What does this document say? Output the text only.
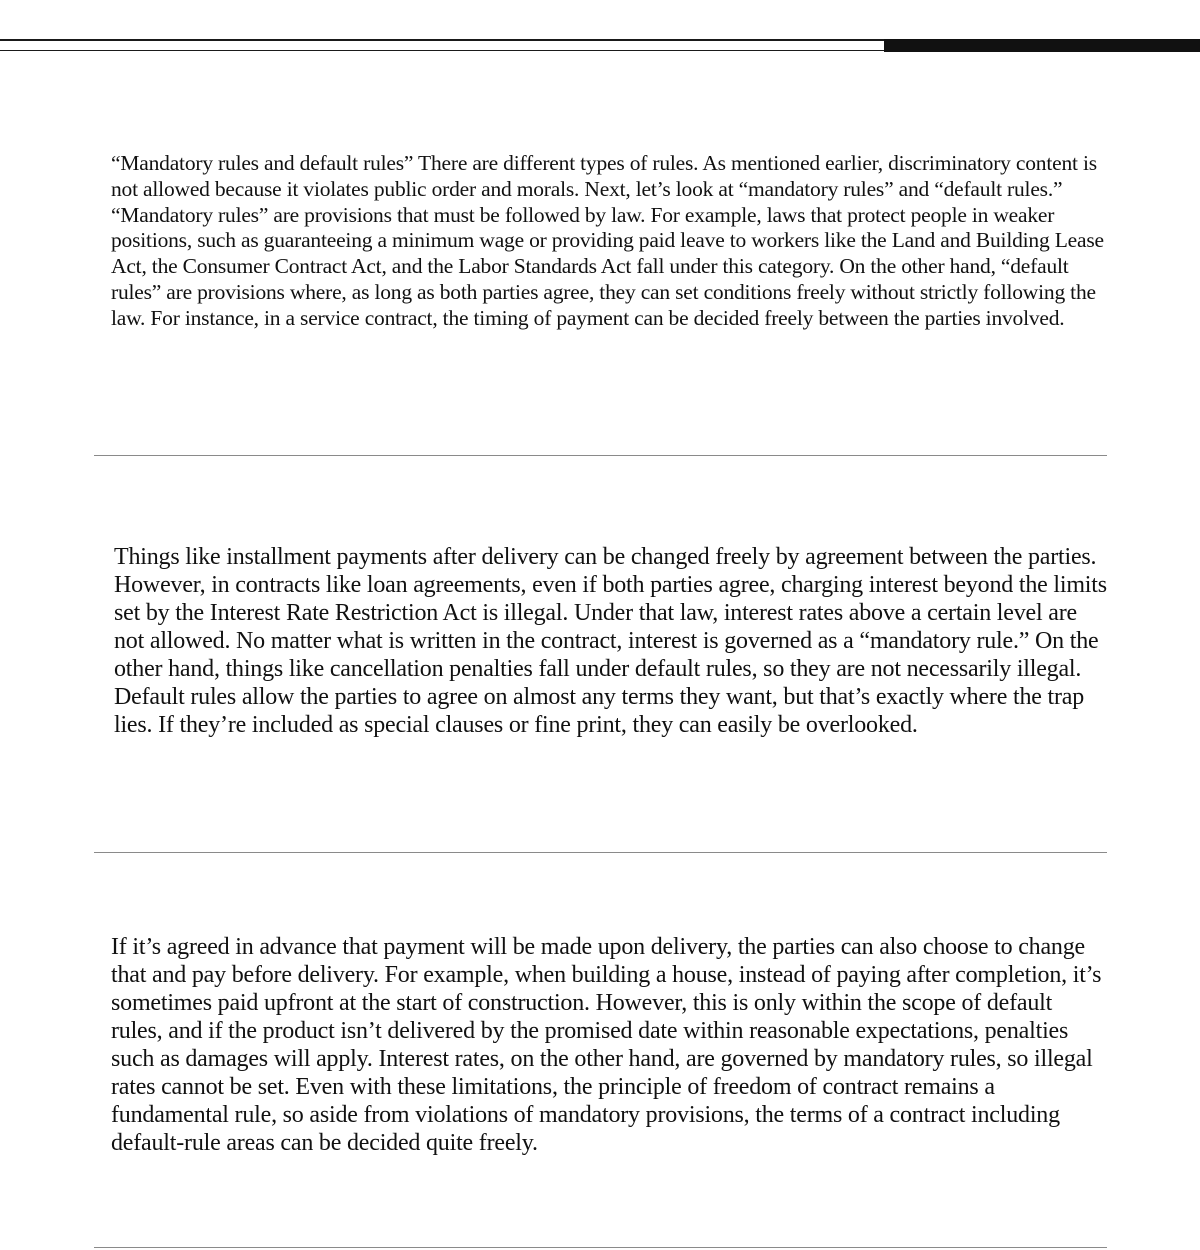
“Mandatory rules and default rules” There are different types of rules. As mentioned earlier, discriminatory content is not allowed because it violates public order and morals. Next, let’s look at “mandatory rules” and “default rules.” “Mandatory rules” are provisions that must be followed by law. For example, laws that protect people in weaker positions, such as guaranteeing a minimum wage or providing paid leave to workers like the Land and Building Lease Act, the Consumer Contract Act, and the Labor Standards Act fall under this category. On the other hand, “default rules” are provisions where, as long as both parties agree, they can set conditions freely without strictly following the law. For instance, in a service contract, the timing of payment can be decided freely between the parties involved.

Things like installment payments after delivery can be changed freely by agreement between the parties. However, in contracts like loan agreements, even if both parties agree, charging interest beyond the limits set by the Interest Rate Restriction Act is illegal. Under that law, interest rates above a certain level are not allowed. No matter what is written in the contract, interest is governed as a “mandatory rule.” On the other hand, things like cancellation penalties fall under default rules, so they are not necessarily illegal. Default rules allow the parties to agree on almost any terms they want, but that’s exactly where the trap lies. If they’re included as special clauses or fine print, they can easily be overlooked.

If it’s agreed in advance that payment will be made upon delivery, the parties can also choose to change that and pay before delivery. For example, when building a house, instead of paying after completion, it’s sometimes paid upfront at the start of construction. However, this is only within the scope of default rules, and if the product isn’t delivered by the promised date within reasonable expectations, penalties such as damages will apply. Interest rates, on the other hand, are governed by mandatory rules, so illegal rates cannot be set. Even with these limitations, the principle of freedom of contract remains a fundamental rule, so aside from violations of mandatory provisions, the terms of a contract including default-rule areas can be decided quite freely.
